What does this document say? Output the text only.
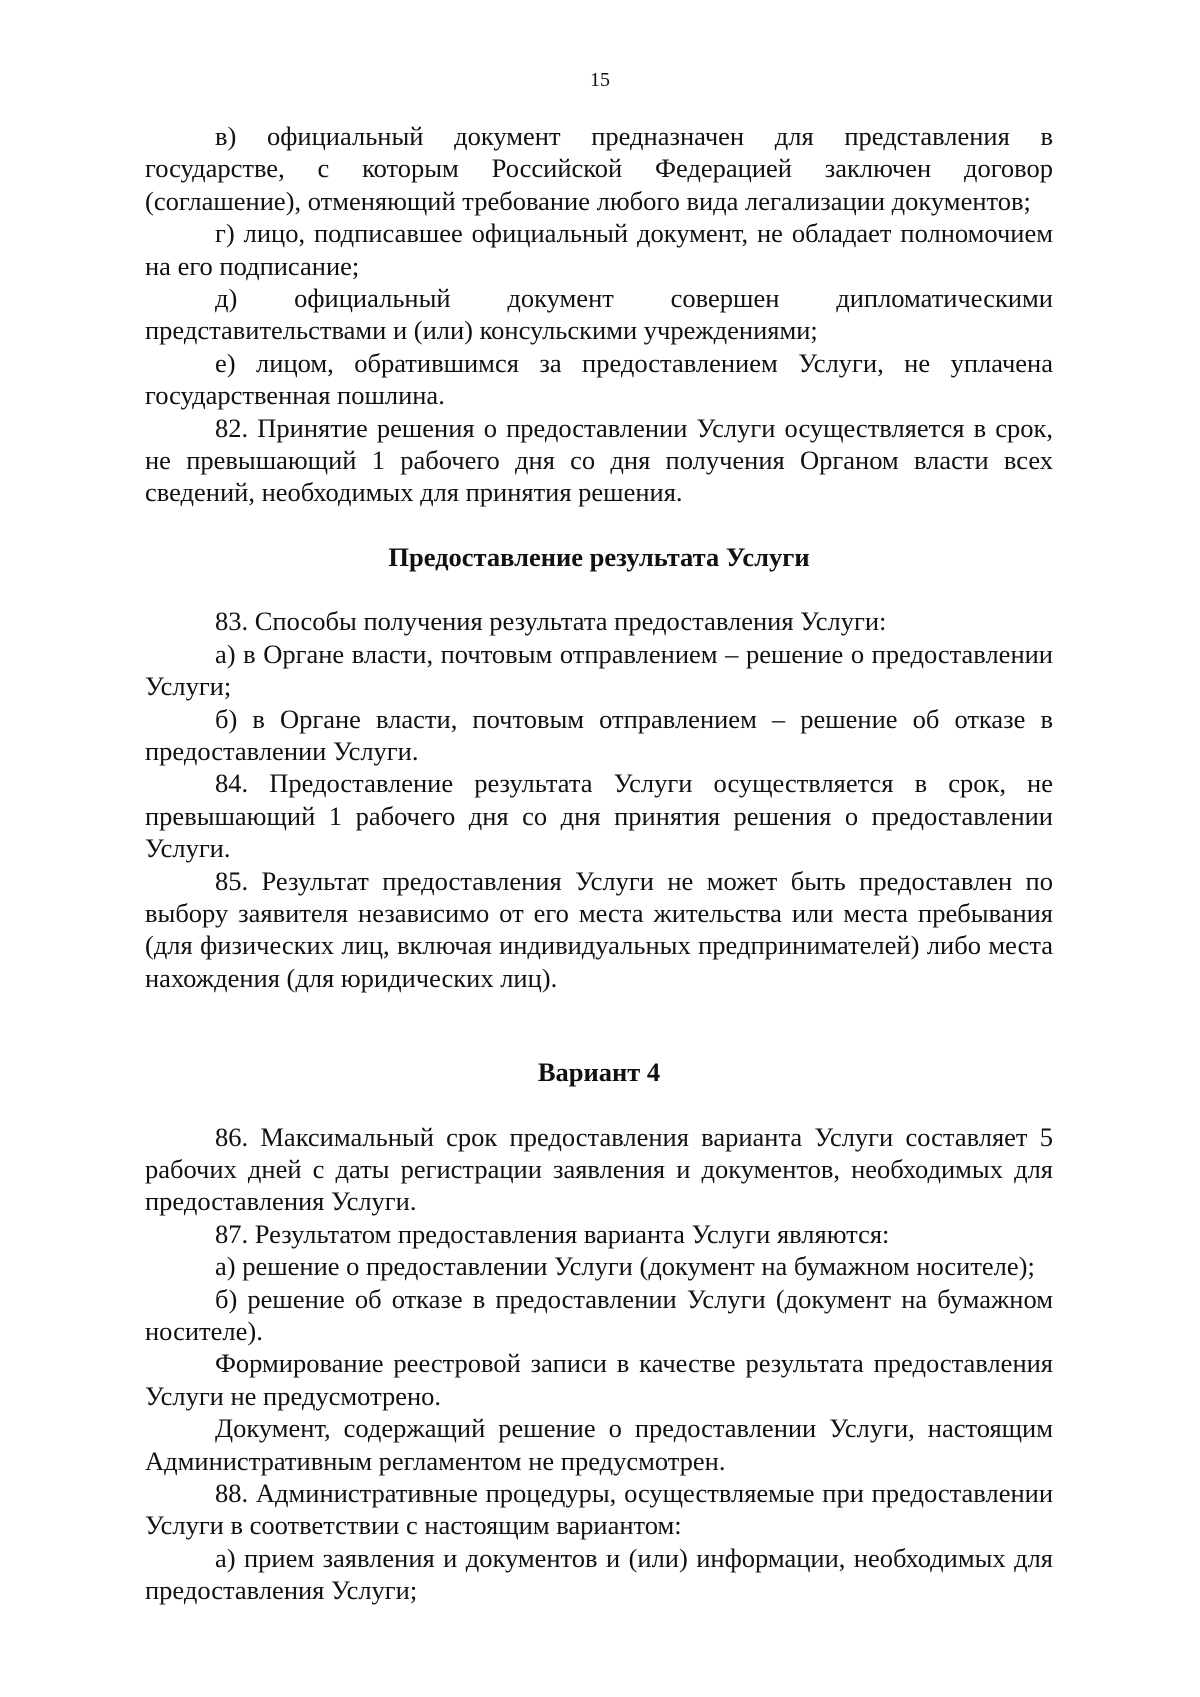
15

в) официальный документ предназначен для представления в государстве, с которым Российской Федерацией заключен договор (соглашение), отменяющий требование любого вида легализации документов;

г) лицо, подписавшее официальный документ, не обладает полномочием на его подписание;

д) официальный документ совершен дипломатическими представительствами и (или) консульскими учреждениями;

е) лицом, обратившимся за предоставлением Услуги, не уплачена государственная пошлина.

82. Принятие решения о предоставлении Услуги осуществляется в срок, не превышающий 1 рабочего дня со дня получения Органом власти всех сведений, необходимых для принятия решения.

Предоставление результата Услуги

83. Способы получения результата предоставления Услуги:

а) в Органе власти, почтовым отправлением – решение о предоставлении Услуги;

б) в Органе власти, почтовым отправлением – решение об отказе в предоставлении Услуги.

84. Предоставление результата Услуги осуществляется в срок, не превышающий 1 рабочего дня со дня принятия решения о предоставлении Услуги.

85. Результат предоставления Услуги не может быть предоставлен по выбору заявителя независимо от его места жительства или места пребывания (для физических лиц, включая индивидуальных предпринимателей) либо места нахождения (для юридических лиц).

Вариант 4

86. Максимальный срок предоставления варианта Услуги составляет 5 рабочих дней с даты регистрации заявления и документов, необходимых для предоставления Услуги.

87. Результатом предоставления варианта Услуги являются:

а) решение о предоставлении Услуги (документ на бумажном носителе);

б) решение об отказе в предоставлении Услуги (документ на бумажном носителе).

Формирование реестровой записи в качестве результата предоставления Услуги не предусмотрено.

Документ, содержащий решение о предоставлении Услуги, настоящим Административным регламентом не предусмотрен.

88. Административные процедуры, осуществляемые при предоставлении Услуги в соответствии с настоящим вариантом:

а) прием заявления и документов и (или) информации, необходимых для предоставления Услуги;
